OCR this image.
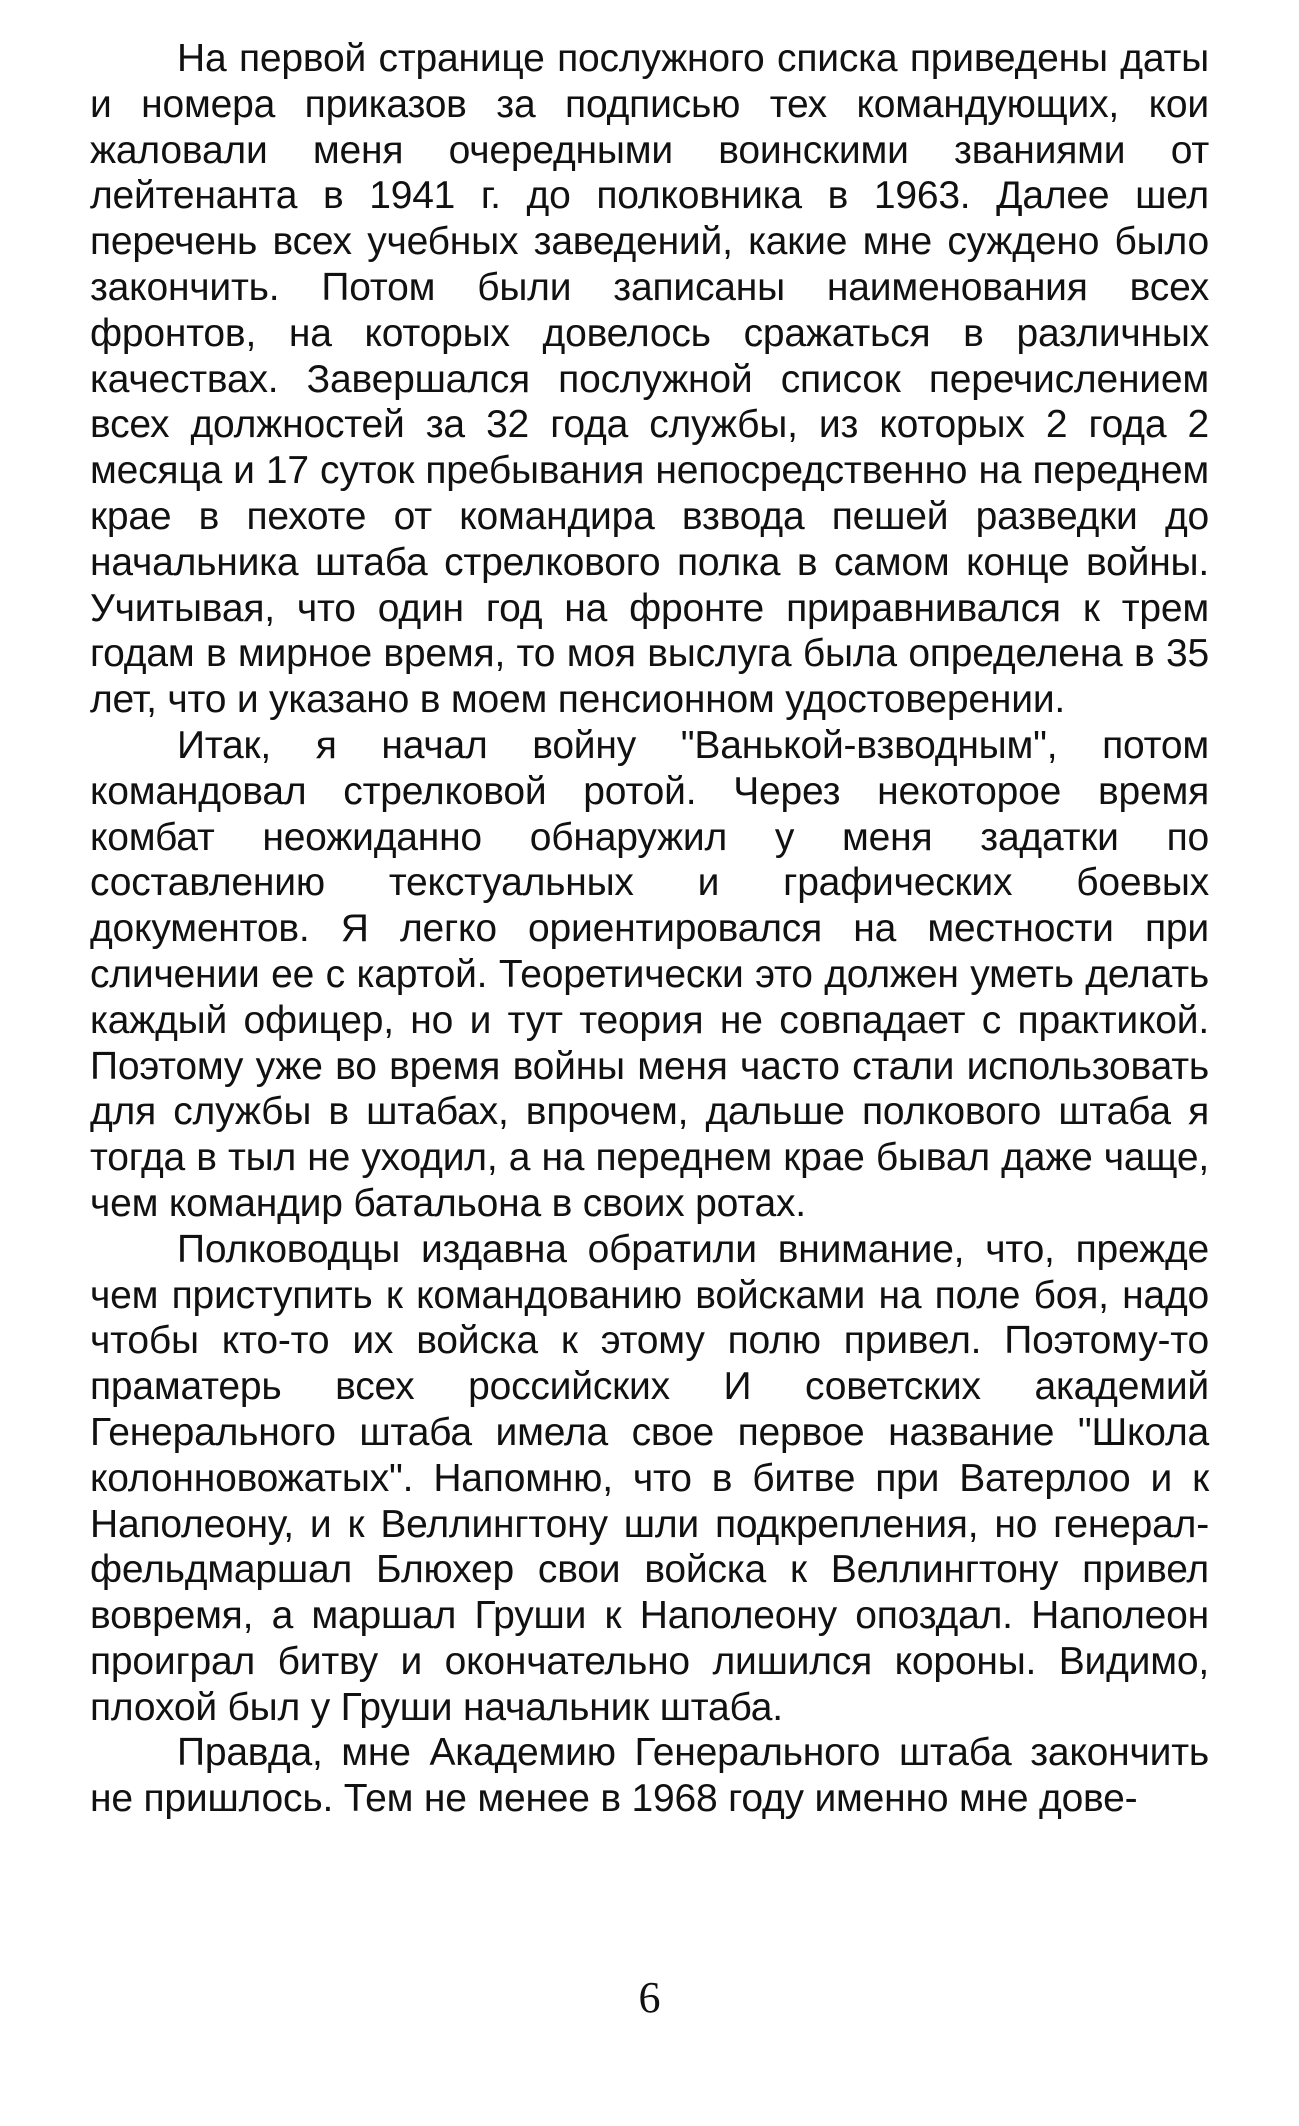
На первой странице послужного списка приведены даты и номера приказов за подписью тех командующих, кои жаловали меня очередными воинскими званиями от лейтенанта в 1941 г. до полковника в 1963. Далее шел перечень всех учебных заведений, какие мне суждено было закончить. Потом были записаны наименования всех фронтов, на которых довелось сражаться в различных качествах. Завершался послужной список перечислением всех должностей за 32 года службы, из которых 2 года 2 месяца и 17 суток пребывания непосредственно на переднем крае в пехоте от командира взвода пешей разведки до начальника штаба стрелкового полка в самом конце войны. Учитывая, что один год на фронте приравнивался к трем годам в мирное время, то моя выслуга была определена в 35 лет, что и указано в моем пенсионном удостоверении.

Итак, я начал войну "Ванькой-взводным", потом командовал стрелковой ротой. Через некоторое время комбат неожиданно обнаружил у меня задатки по составлению текстуальных и графических боевых документов. Я легко ориентировался на местности при сличении ее с картой. Теоретически это должен уметь делать каждый офицер, но и тут теория не совпадает с практикой. Поэтому уже во время войны меня часто стали использовать для службы в штабах, впрочем, дальше полкового штаба я тогда в тыл не уходил, а на переднем крае бывал даже чаще, чем командир батальона в своих ротах.

Полководцы издавна обратили внимание, что, прежде чем приступить к командованию войсками на поле боя, надо чтобы кто-то их войска к этому полю привел. Поэтому-то праматерь всех российских И советских академий Генерального штаба имела свое первое название "Школа колонновожатых". Напомню, что в битве при Ватерлоо и к Наполеону, и к Веллингтону шли подкрепления, но генерал-фельдмаршал Блюхер свои войска к Веллингтону привел вовремя, а маршал Груши к Наполеону опоздал. Наполеон проиграл битву и окончательно лишился короны. Видимо, плохой был у Груши начальник штаба.

Правда, мне Академию Генерального штаба закончить не пришлось. Тем не менее в 1968 году именно мне дове-

6
